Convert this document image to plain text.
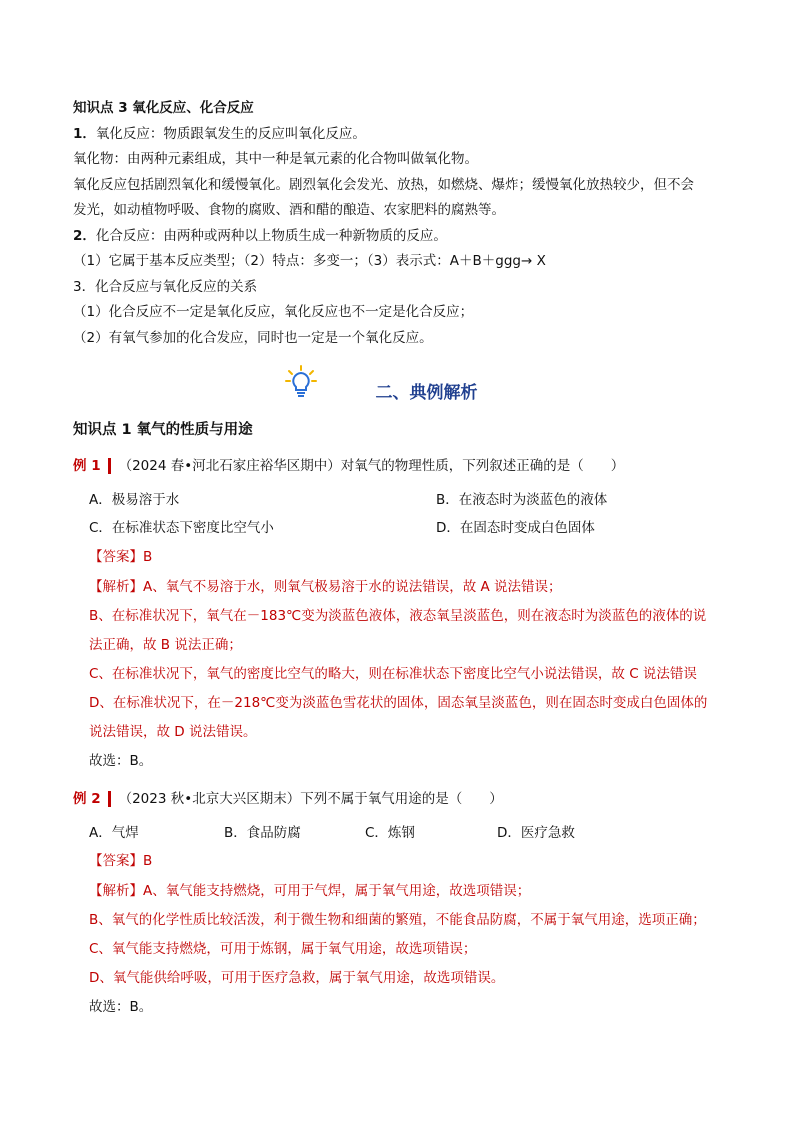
知识点 3 氧化反应、化合反应
1．氧化反应：物质跟氧发生的反应叫氧化反应。
氧化物：由两种元素组成，其中一种是氧元素的化合物叫做氧化物。
氧化反应包括剧烈氧化和缓慢氧化。剧烈氧化会发光、放热，如燃烧、爆炸；缓慢氧化放热较少，但不会
发光，如动植物呼吸、食物的腐败、酒和醋的酿造、农家肥料的腐熟等。
2．化合反应：由两种或两种以上物质生成一种新物质的反应。
（1）它属于基本反应类型；（2）特点：多变一；（3）表示式：A＋B＋ggg→ X
3．化合反应与氧化反应的关系
（1）化合反应不一定是氧化反应，氧化反应也不一定是化合反应；
（2）有氧气参加的化合发应，同时也一定是一个氧化反应。
二、典例解析
知识点 1 氧气的性质与用途
例 1 （2024 春•河北石家庄裕华区期中）对氧气的物理性质，下列叙述正确的是（　　）
A．极易溶于水	B．在液态时为淡蓝色的液体
C．在标准状态下密度比空气小	D．在固态时变成白色固体
【答案】B
【解析】A、氧气不易溶于水，则氧气极易溶于水的说法错误，故 A 说法错误；
B、在标准状况下，氧气在－183℃变为淡蓝色液体，液态氧呈淡蓝色，则在液态时为淡蓝色的液体的说
法正确，故 B 说法正确；
C、在标准状况下，氧气的密度比空气的略大，则在标准状态下密度比空气小说法错误，故 C 说法错误
D、在标准状况下，在－218℃变为淡蓝色雪花状的固体，固态氧呈淡蓝色，则在固态时变成白色固体的
说法错误，故 D 说法错误。
故选：B。
例 2 （2023 秋•北京大兴区期末）下列不属于氧气用途的是（　　）
A．气焊	B．食品防腐	C．炼钢	D．医疗急救
【答案】B
【解析】A、氧气能支持燃烧，可用于气焊，属于氧气用途，故选项错误；
B、氧气的化学性质比较活泼，利于微生物和细菌的繁殖，不能食品防腐，不属于氧气用途，选项正确；
C、氧气能支持燃烧，可用于炼钢，属于氧气用途，故选项错误；
D、氧气能供给呼吸，可用于医疗急救，属于氧气用途，故选项错误。
故选：B。
